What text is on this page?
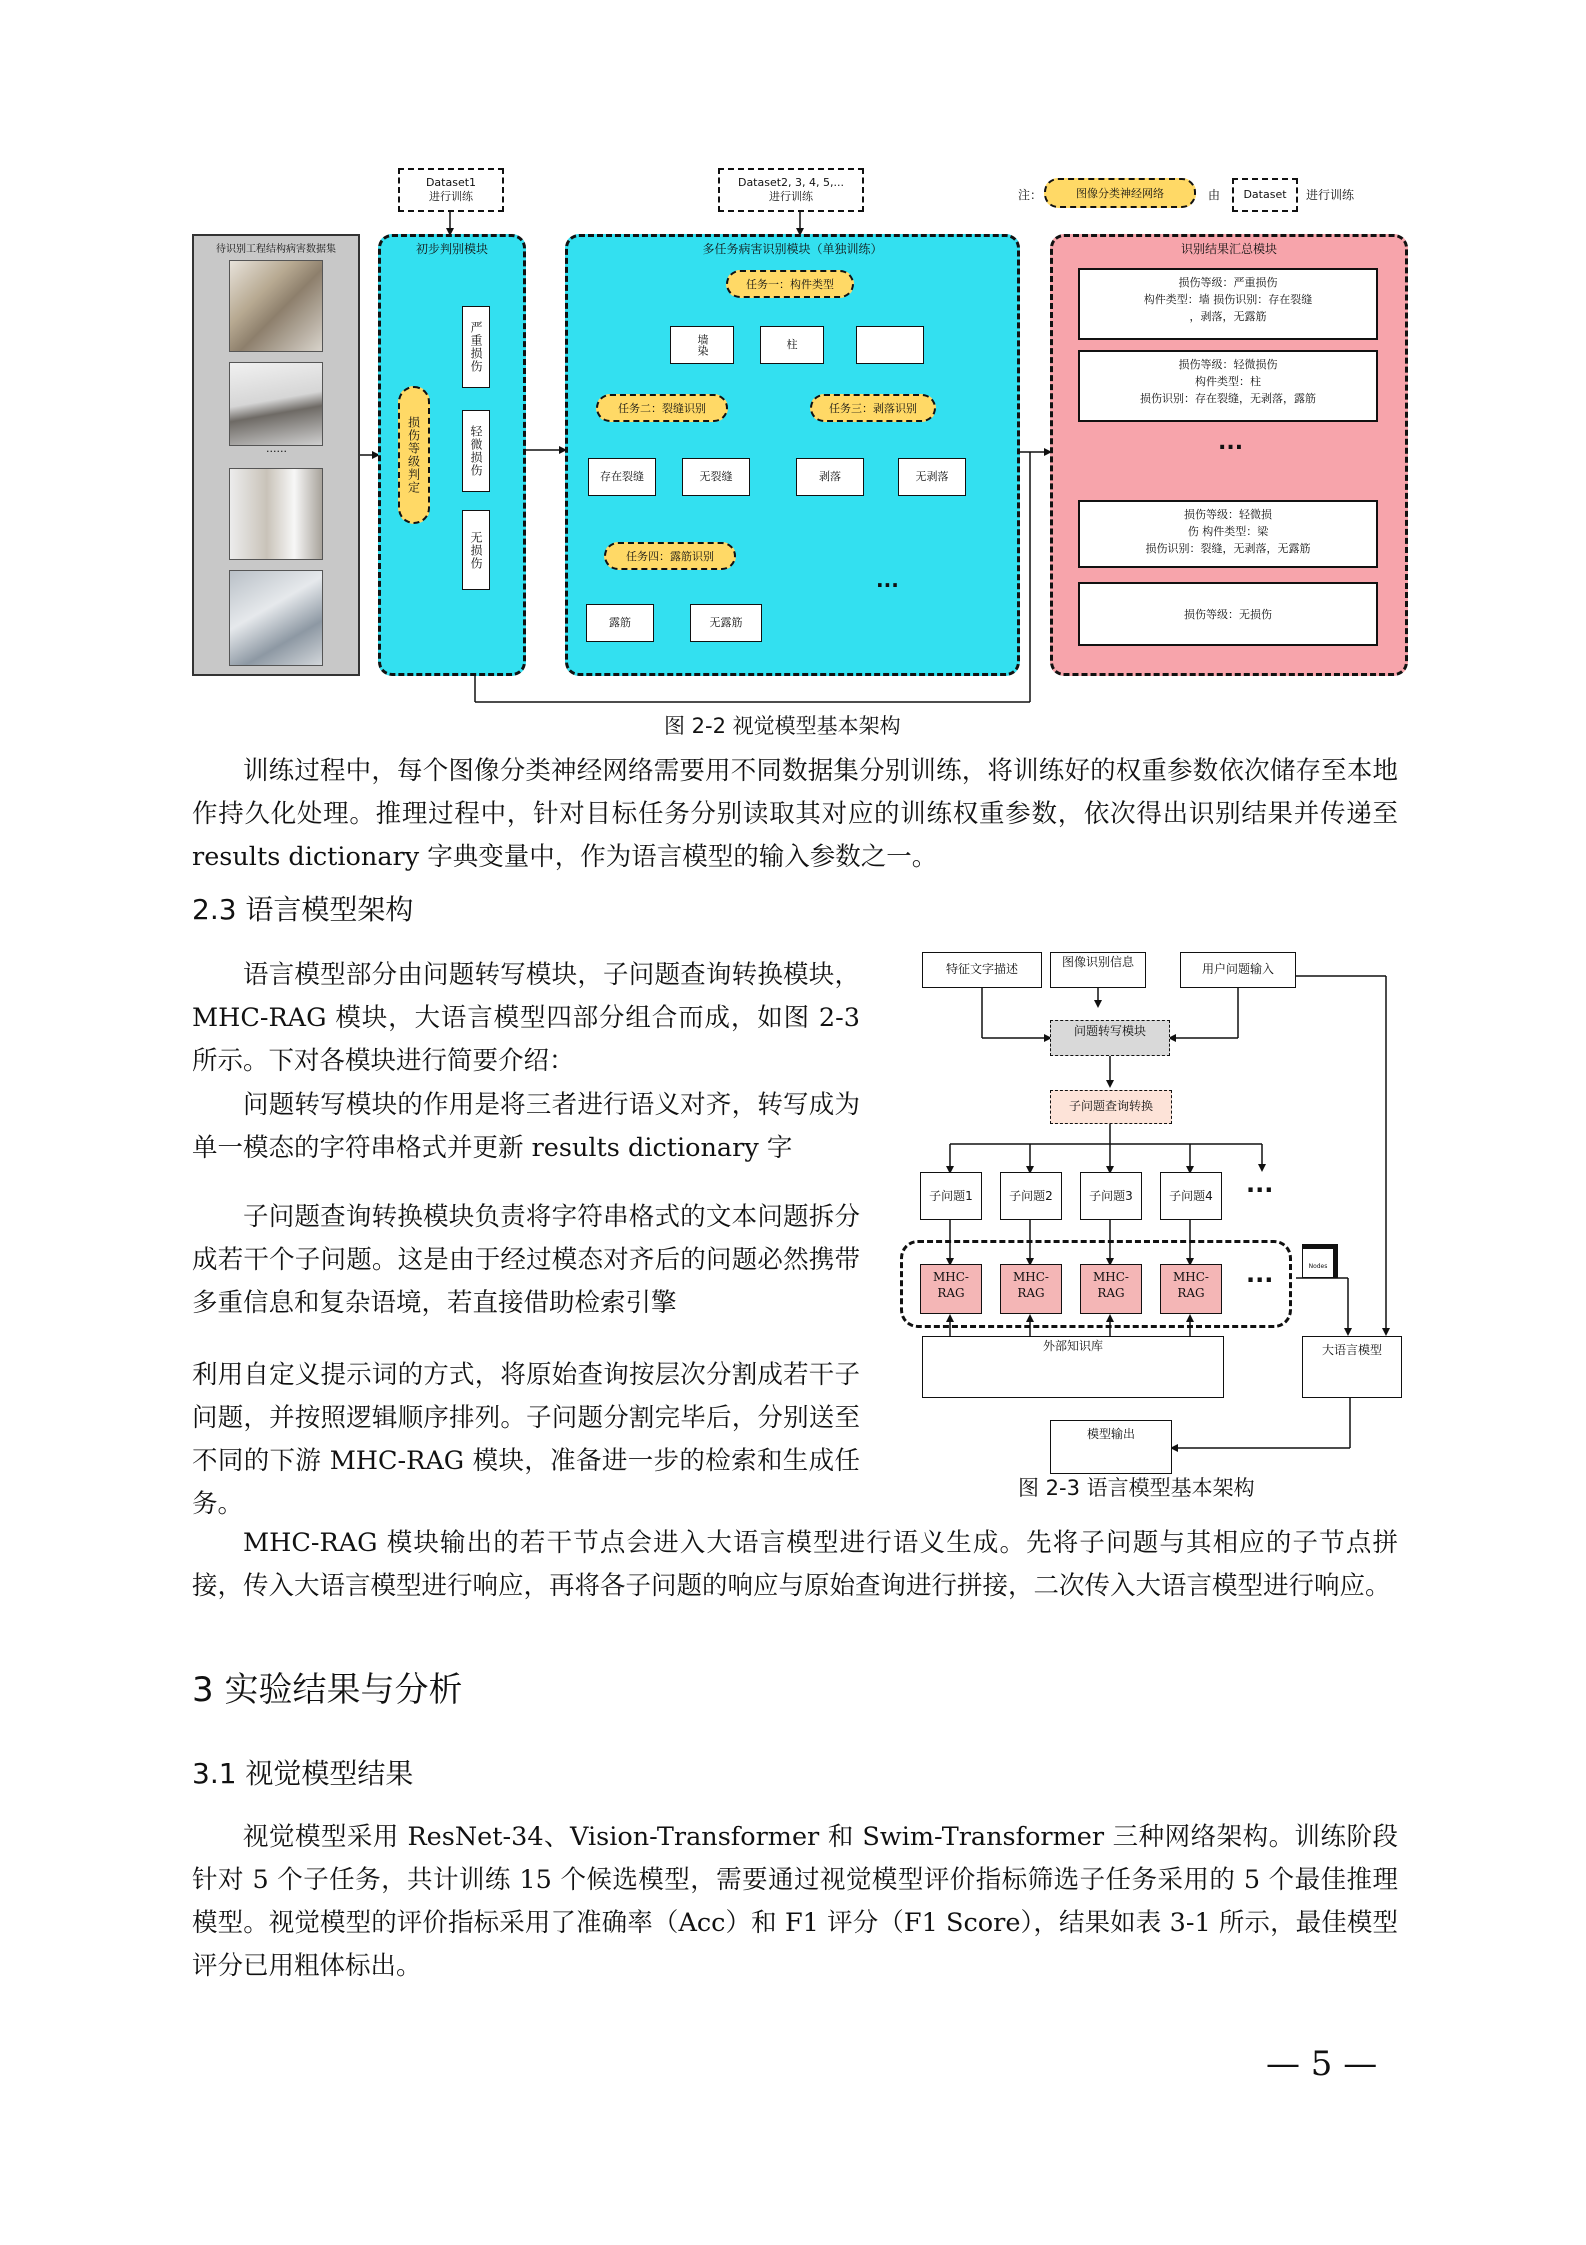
Dataset1
进行训练
Dataset2, 3, 4, 5,...
进行训练	注：	图像分类神经网络	由 Dataset 进行训练
待识别工程结构病害数据集
......
初步判别模块
损伤等级判定
严重损伤
轻微损伤
无损伤
多任务病害识别模块（单独训练）
任务一：构件类型
墙染	柱
任务二：裂缝识别
存在裂缝	无裂缝
任务三：剥落识别
剥落	无剥落
任务四：露筋识别
露筋	无露筋
...
识别结果汇总模块
损伤等级：严重损伤
构件类型：墙 损伤识别：存在裂缝
，剥落，无露筋
损伤等级：轻微损伤
构件类型：柱
损伤识别：存在裂缝，无剥落，露筋
...
损伤等级：轻微损
伤 构件类型：梁
损伤识别：裂缝，无剥落，无露筋
损伤等级：无损伤
图 2-2 视觉模型基本架构
训练过程中，每个图像分类神经网络需要用不同数据集分别训练，将训练好的权重参数依次储存至本地作持久化处理。推理过程中，针对目标任务分别读取其对应的训练权重参数，依次得出识别结果并传递至 results dictionary 字典变量中，作为语言模型的输入参数之一。
2.3 语言模型架构
语言模型部分由问题转写模块，子问题查询转换模块，MHC-RAG 模块，大语言模型四部分组合而成，如图 2-3 所示。下对各模块进行简要介绍：
问题转写模块的作用是将三者进行语义对齐，转写成为单一模态的字符串格式并更新 results dictionary 字
子问题查询转换模块负责将字符串格式的文本问题拆分成若干个子问题。这是由于经过模态对齐后的问题必然携带多重信息和复杂语境，若直接借助检索引擎
利用自定义提示词的方式，将原始查询按层次分割成若干子问题，并按照逻辑顺序排列。子问题分割完毕后，分别送至不同的下游 MHC-RAG 模块，准备进一步的检索和生成任务。
特征文字描述	图像识别信息	用户问题输入
问题转写模块
子问题查询转换
子问题1	子问题2	子问题3	子问题4	···
MHC-RAG
MHC-RAG
MHC-RAG
MHC-RAG	···	Nodes
外部知识库	大语言模型
模型输出
图 2-3 语言模型基本架构
MHC-RAG 模块输出的若干节点会进入大语言模型进行语义生成。先将子问题与其相应的子节点拼接，传入大语言模型进行响应，再将各子问题的响应与原始查询进行拼接，二次传入大语言模型进行响应。
3 实验结果与分析
3.1 视觉模型结果
视觉模型采用 ResNet-34、Vision-Transformer 和 Swim-Transformer 三种网络架构。训练阶段针对 5 个子任务，共计训练 15 个候选模型，需要通过视觉模型评价指标筛选子任务采用的 5 个最佳推理模型。视觉模型的评价指标采用了准确率（Acc）和 F1 评分（F1 Score），结果如表 3-1 所示，最佳模型评分已用粗体标出。
— 5 —
